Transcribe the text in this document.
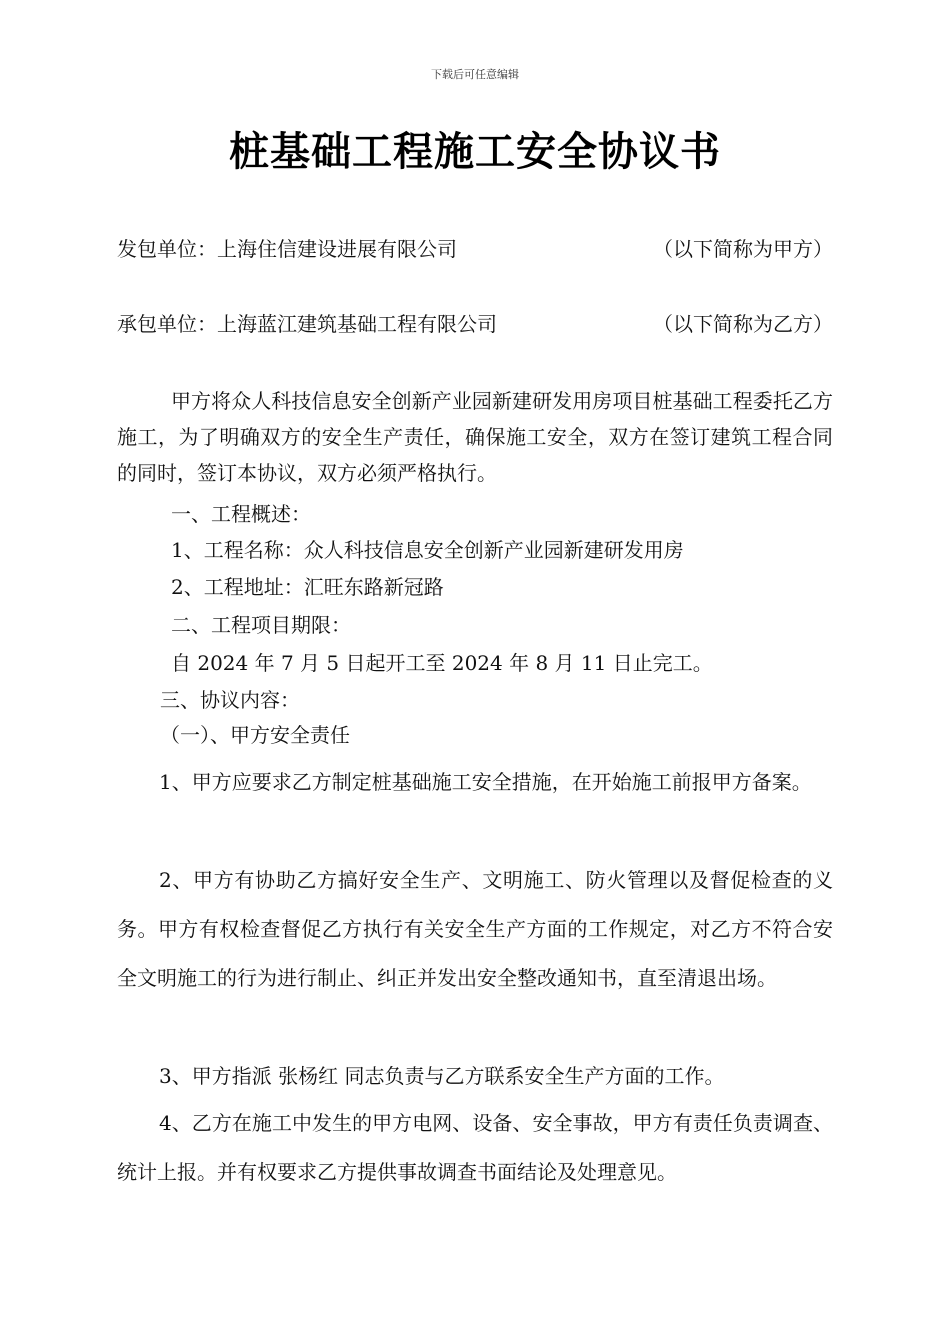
下载后可任意编辑
桩基础工程施工安全协议书
发包单位：上海住信建设进展有限公司	（以下简称为甲方）
承包单位：上海蓝江建筑基础工程有限公司	（以下简称为乙方）
甲方将众人科技信息安全创新产业园新建研发用房项目桩基础工程委托乙方施工，为了明确双方的安全生产责任，确保施工安全，双方在签订建筑工程合同的同时，签订本协议，双方必须严格执行。
一、工程概述：
1、工程名称：众人科技信息安全创新产业园新建研发用房
2、工程地址：汇旺东路新冠路
二、工程项目期限：
自 2024 年 7 月 5 日起开工至 2024 年 8 月 11 日止完工。
三、协议内容：
（一）、甲方安全责任
1、甲方应要求乙方制定桩基础施工安全措施，在开始施工前报甲方备案。
2、甲方有协助乙方搞好安全生产、文明施工、防火管理以及督促检查的义务。甲方有权检查督促乙方执行有关安全生产方面的工作规定，对乙方不符合安全文明施工的行为进行制止、纠正并发出安全整改通知书，直至清退出场。
3、甲方指派 张杨红 同志负责与乙方联系安全生产方面的工作。
4、乙方在施工中发生的甲方电网、设备、安全事故，甲方有责任负责调查、统计上报。并有权要求乙方提供事故调查书面结论及处理意见。
